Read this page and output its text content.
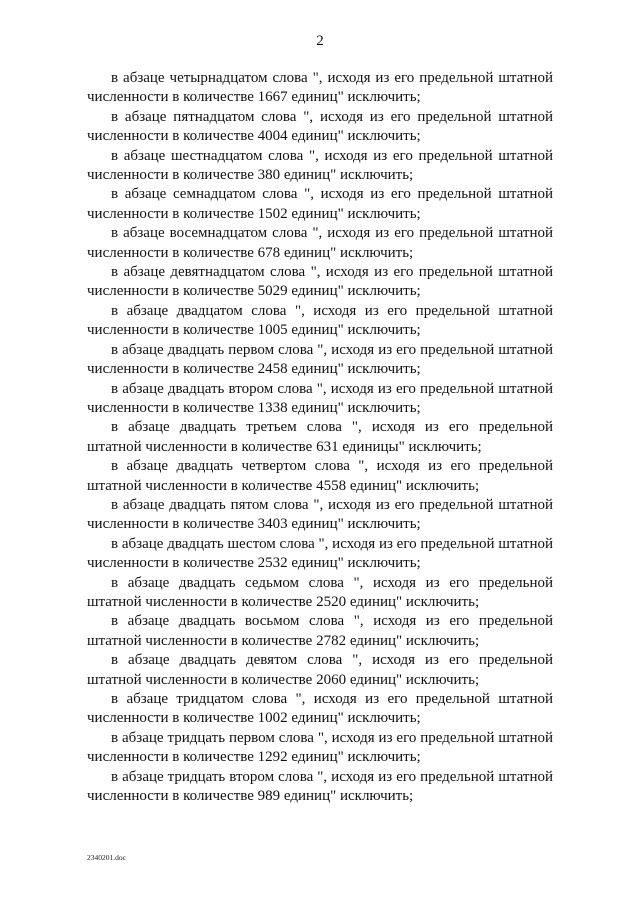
2

в абзаце четырнадцатом слова ", исходя из его предельной штатной численности в количестве 1667 единиц" исключить;

в абзаце пятнадцатом слова ", исходя из его предельной штатной численности в количестве 4004 единиц" исключить;

в абзаце шестнадцатом слова ", исходя из его предельной штатной численности в количестве 380 единиц" исключить;

в абзаце семнадцатом слова ", исходя из его предельной штатной численности в количестве 1502 единиц" исключить;

в абзаце восемнадцатом слова ", исходя из его предельной штатной численности в количестве 678 единиц" исключить;

в абзаце девятнадцатом слова ", исходя из его предельной штатной численности в количестве 5029 единиц" исключить;

в абзаце двадцатом слова ", исходя из его предельной штатной численности в количестве 1005 единиц" исключить;

в абзаце двадцать первом слова ", исходя из его предельной штатной численности в количестве 2458 единиц" исключить;

в абзаце двадцать втором слова ", исходя из его предельной штатной численности в количестве 1338 единиц" исключить;

в абзаце двадцать третьем слова ", исходя из его предельной штатной численности в количестве 631 единицы" исключить;

в абзаце двадцать четвертом слова ", исходя из его предельной штатной численности в количестве 4558 единиц" исключить;

в абзаце двадцать пятом слова ", исходя из его предельной штатной численности в количестве 3403 единиц" исключить;

в абзаце двадцать шестом слова ", исходя из его предельной штатной численности в количестве 2532 единиц" исключить;

в абзаце двадцать седьмом слова ", исходя из его предельной штатной численности в количестве 2520 единиц" исключить;

в абзаце двадцать восьмом слова ", исходя из его предельной штатной численности в количестве 2782 единиц" исключить;

в абзаце двадцать девятом слова ", исходя из его предельной штатной численности в количестве 2060 единиц" исключить;

в абзаце тридцатом слова ", исходя из его предельной штатной численности в количестве 1002 единиц" исключить;

в абзаце тридцать первом слова ", исходя из его предельной штатной численности в количестве 1292 единиц" исключить;

в абзаце тридцать втором слова ", исходя из его предельной штатной численности в количестве 989 единиц" исключить;

2340201.doc
